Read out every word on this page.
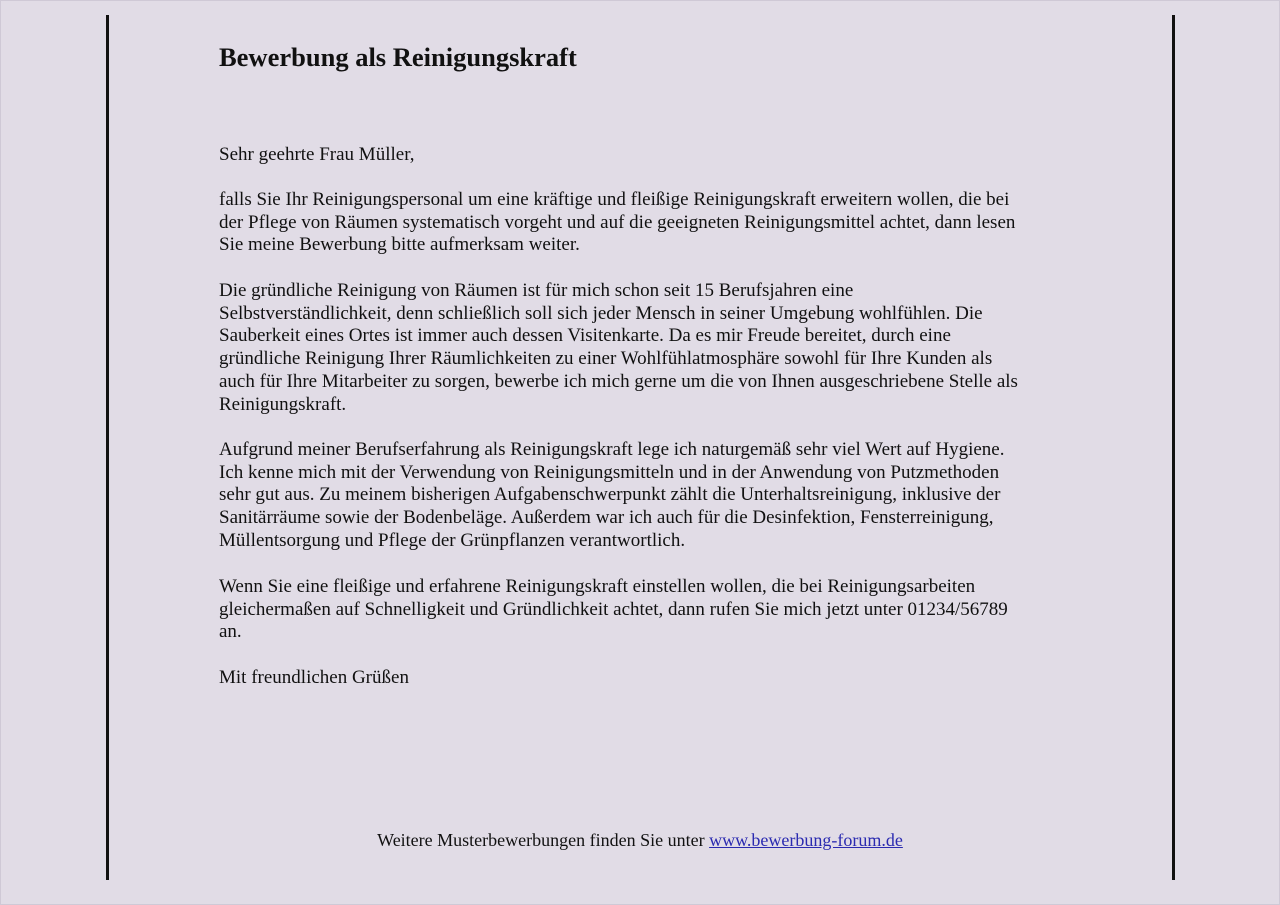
Bewerbung als Reinigungskraft
Sehr geehrte Frau Müller,
falls Sie Ihr Reinigungspersonal um eine kräftige und fleißige Reinigungskraft erweitern wollen, die bei
der Pflege von Räumen systematisch vorgeht und auf die geeigneten Reinigungsmittel achtet, dann lesen
Sie meine Bewerbung bitte aufmerksam weiter.
Die gründliche Reinigung von Räumen ist für mich schon seit 15 Berufsjahren eine
Selbstverständlichkeit, denn schließlich soll sich jeder Mensch in seiner Umgebung wohlfühlen. Die
Sauberkeit eines Ortes ist immer auch dessen Visitenkarte. Da es mir Freude bereitet, durch eine
gründliche Reinigung Ihrer Räumlichkeiten zu einer Wohlfühlatmosphäre sowohl für Ihre Kunden als
auch für Ihre Mitarbeiter zu sorgen, bewerbe ich mich gerne um die von Ihnen ausgeschriebene Stelle als
Reinigungskraft.
Aufgrund meiner Berufserfahrung als Reinigungskraft lege ich naturgemäß sehr viel Wert auf Hygiene.
Ich kenne mich mit der Verwendung von Reinigungsmitteln und in der Anwendung von Putzmethoden
sehr gut aus. Zu meinem bisherigen Aufgabenschwerpunkt zählt die Unterhaltsreinigung, inklusive der
Sanitärräume sowie der Bodenbeläge. Außerdem war ich auch für die Desinfektion, Fensterreinigung,
Müllentsorgung und Pflege der Grünpflanzen verantwortlich.
Wenn Sie eine fleißige und erfahrene Reinigungskraft einstellen wollen, die bei Reinigungsarbeiten
gleichermaßen auf Schnelligkeit und Gründlichkeit achtet, dann rufen Sie mich jetzt unter 01234/56789
an.
Mit freundlichen Grüßen
Weitere Musterbewerbungen finden Sie unter www.bewerbung-forum.de
